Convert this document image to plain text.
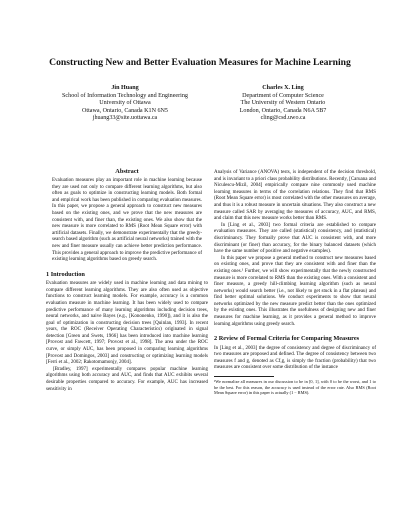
Constructing New and Better Evaluation Measures for Machine Learning
Jin Huang
School of Information Technology and Engineering
University of Ottawa
Ottawa, Ontario, Canada K1N 6N5
jhuang33@site.uottawa.ca
Charles X. Ling
Department of Computer Science
The University of Western Ontario
London, Ontario, Canada N6A 5B7
cling@csd.uwo.ca
Abstract

Evaluation measures play an important role in machine learning because they are used not only to compare different learning algorithms, but also often as goals to optimize in constructing learning models. Both formal and empirical work has been published in comparing evaluation measures. In this paper, we propose a general approach to construct new measures based on the existing ones, and we prove that the new measures are consistent with, and finer than, the existing ones. We also show that the new measure is more correlated to RMS (Root Mean Square error) with artificial datasets. Finally, we demonstrate experimentally that the greedy-search based algorithm (such as artificial neural networks) trained with the new and finer measure usually can achieve better prediction performance. This provides a general approach to improve the predictive performance of existing learning algorithms based on greedy search.

1 Introduction

Evaluation measures are widely used in machine learning and data mining to compare different learning algorithms. They are also often used as objective functions to construct learning models. For example, accuracy is a common evaluation measure in machine learning. It has been widely used to compare predictive performance of many learning algorithms including decision trees, neural networks, and naive Bayes (e.g., [Kononenko, 1990]), and it is also the goal of optimization in constructing decision trees [Quinlan, 1993]. In recent years, the ROC (Receiver Operating Characteristics) originated in signal detection [Green and Swets, 1966] has been introduced into machine learning [Provost and Fawcett, 1997; Provost et al., 1998]. The area under the ROC curve, or simply AUC, has been proposed in comparing learning algorithms [Provost and Domingos, 2003] and constructing or optimizing learning models [Ferri et al., 2002; Rakotomamonjy, 2004].

[Bradley, 1997] experimentally compares popular machine learning algorithms using both accuracy and AUC, and finds that AUC exhibits several desirable properties compared to accuracy. For example, AUC has increased sensitivity in

Analysis of Variance (ANOVA) tests, is independent of the decision threshold, and is invariant to a priori class probability distributions. Recently, [Caruana and Niculescu-Mizil, 2004] empirically compare nine commonly used machine learning measures in terms of the correlation relations. They find that RMS (Root Mean Square error) is most correlated with the other measures on average, and thus it is a robust measure in uncertain situations. They also construct a new measure called SAR by averaging the measures of accuracy, AUC, and RMS, and claim that this new measure works better than RMS.

In [Ling et al., 2003] two formal criteria are established to compare evaluation measures. They are called (statistical) consistency, and (statistical) discriminancy. They formally prove that AUC is consistent with, and more discriminant (or finer) than accuracy, for the binary balanced datasets (which have the same number of positive and negative examples).

In this paper we propose a general method to construct new measures based on existing ones, and prove that they are consistent with and finer than the existing ones.¹ Further, we will show experimentally that the newly constructed measure is more correlated to RMS than the existing ones. With a consistent and finer measure, a greedy hill-climbing learning algorithm (such as neural networks) would search better (i.e., not likely to get stuck in a flat plateau) and find better optimal solutions. We conduct experiments to show that neural networks optimized by the new measure predict better than the ones optimized by the existing ones. This illustrates the usefulness of designing new and finer measures for machine learning, as it provides a general method to improve learning algorithms using greedy search.

2 Review of Formal Criteria for Comparing Measures

In [Ling et al., 2003] the degree of consistency and degree of discriminancy of two measures are proposed and defined. The degree of consistency between two measures f and g, denoted as Cf,g, is simply the fraction (probability) that two measures are consistent over some distribution of the instance

¹We normalize all measures in our discussion to be in [0, 1], with 0 to be the worst, and 1 to be the best. For this reason, the accuracy is used instead of the error rate. Also RMS (Root Mean Square error) in this paper is actually (1 − RMS).
